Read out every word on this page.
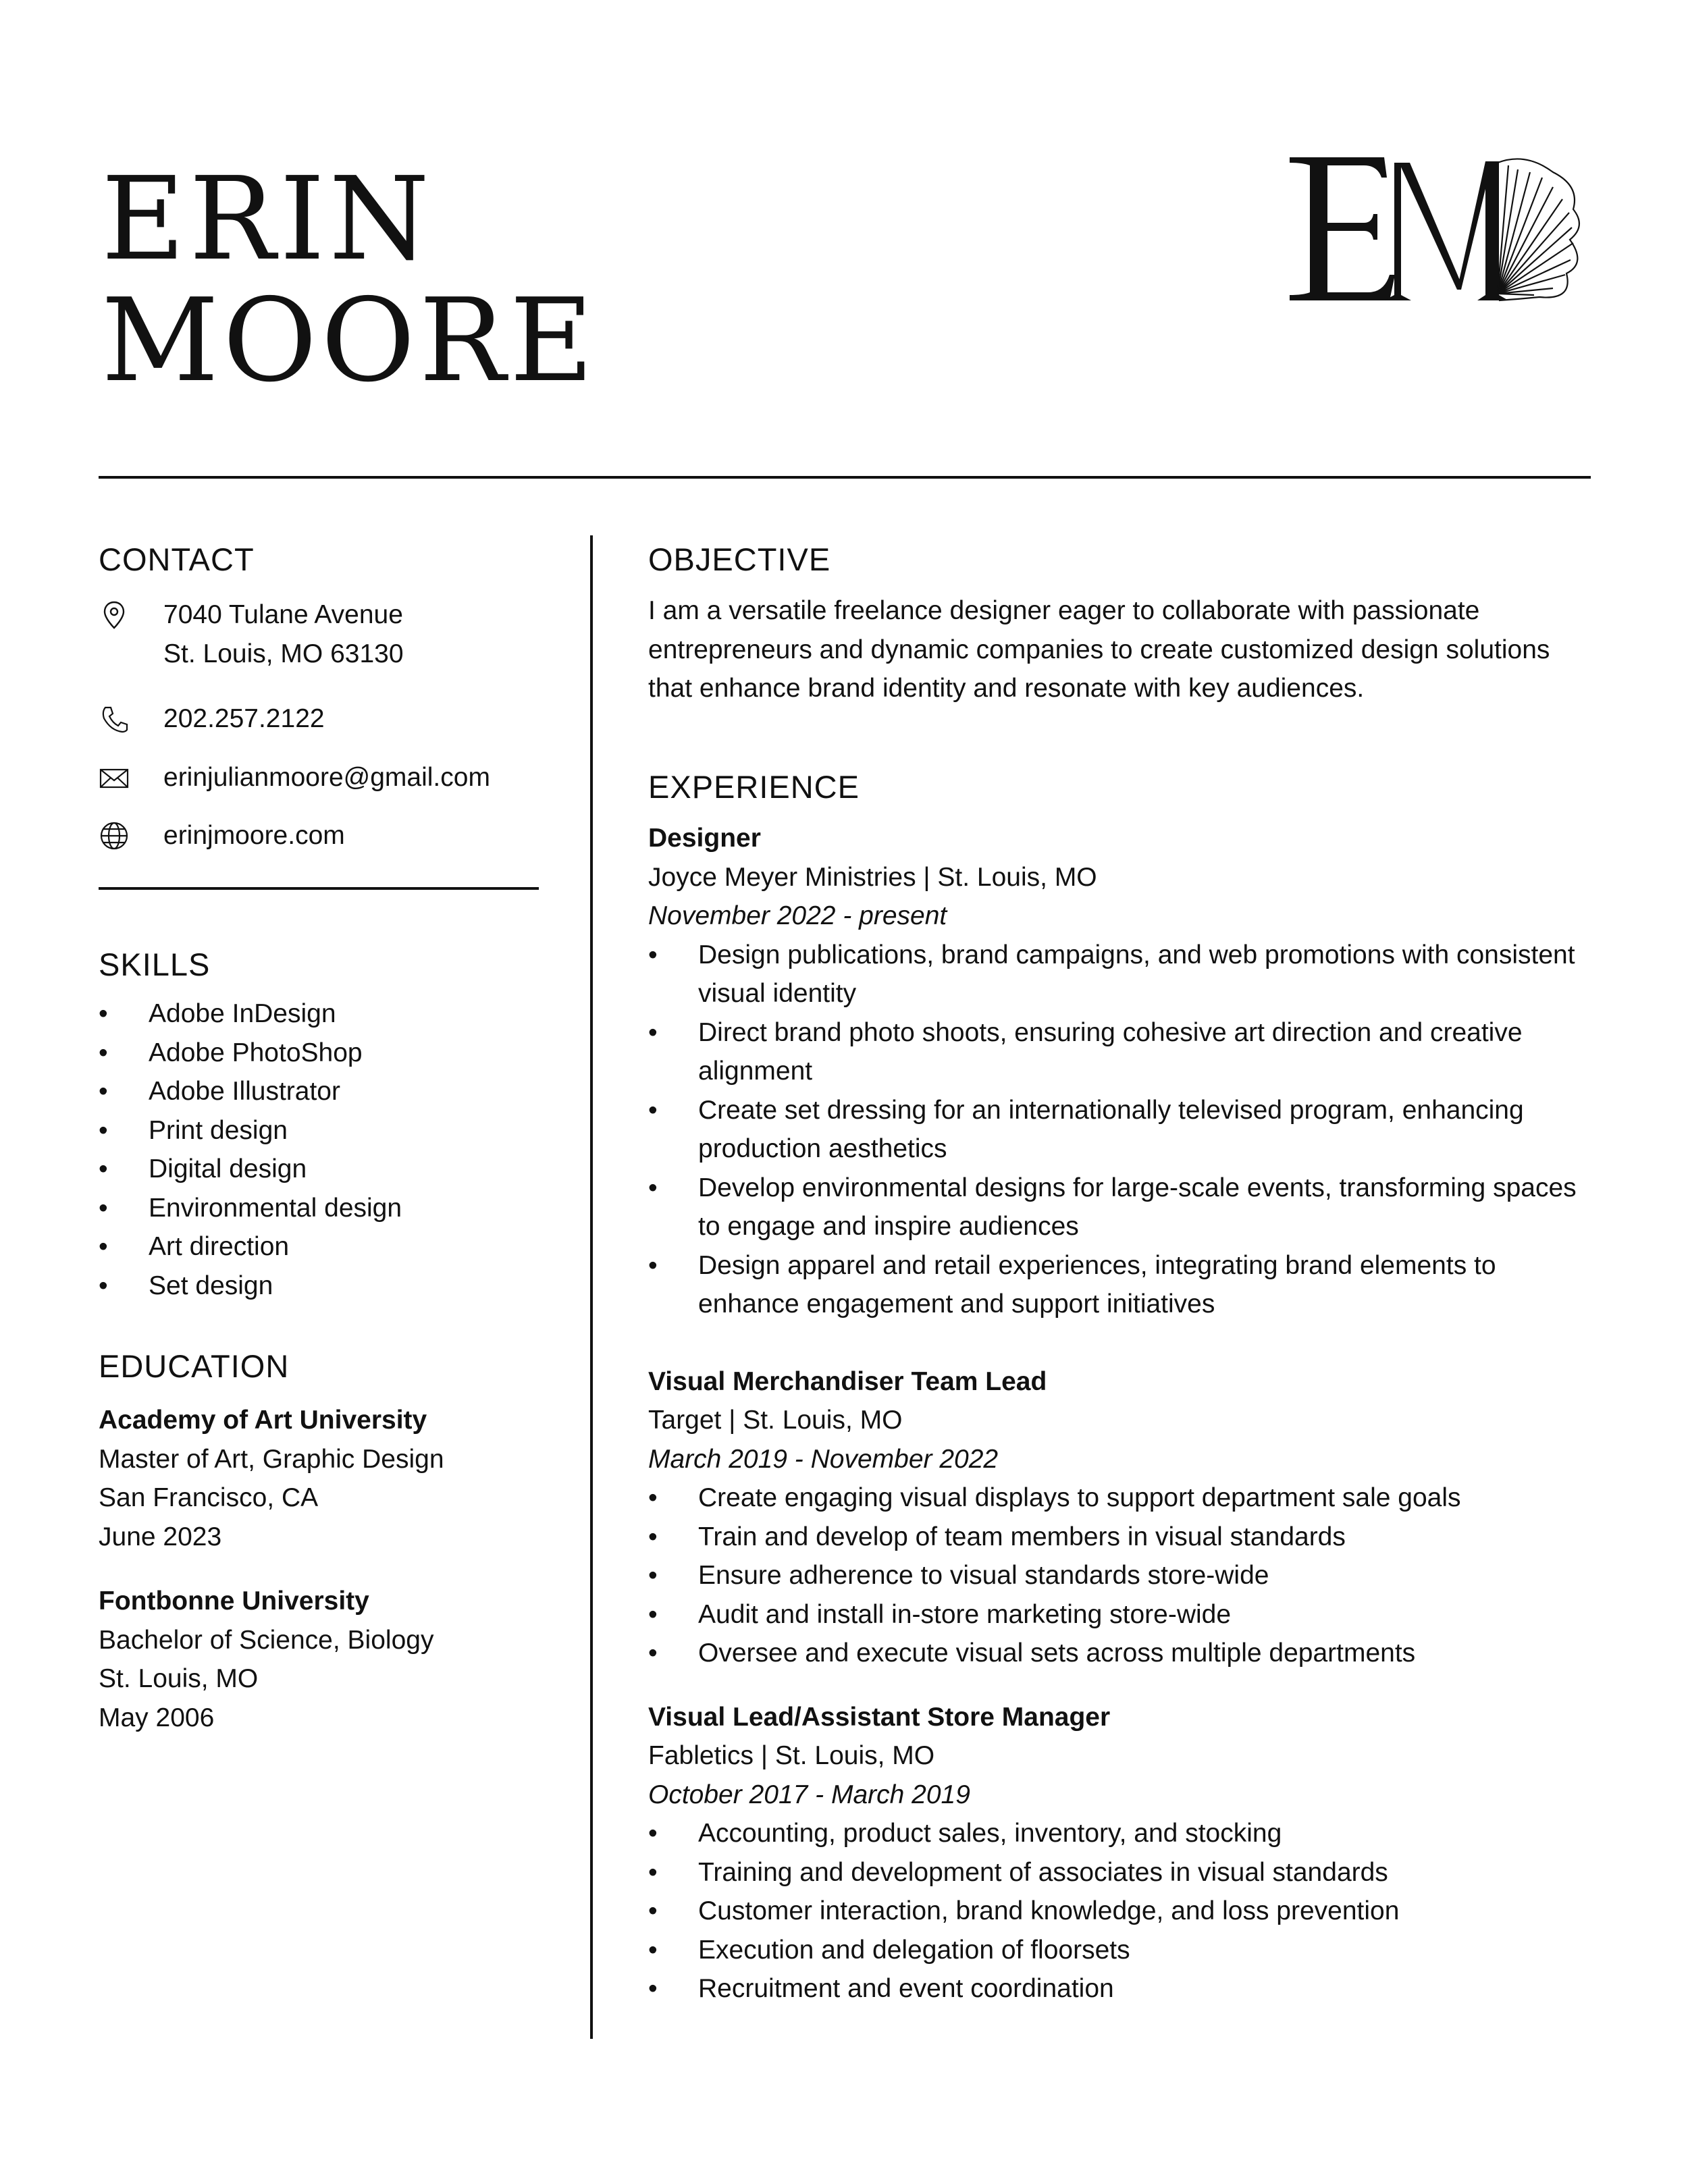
ERIN
MOORE
CONTACT
7040 Tulane Avenue
St. Louis, MO 63130
202.257.2122
erinjulianmoore@gmail.com
erinjmoore.com
SKILLS
• Adobe InDesign
• Adobe PhotoShop
• Adobe Illustrator
• Print design
• Digital design
• Environmental design
• Art direction
• Set design
EDUCATION
Academy of Art University
Master of Art, Graphic Design
San Francisco, CA
June 2023
Fontbonne University
Bachelor of Science, Biology
St. Louis, MO
May 2006
OBJECTIVE
I am a versatile freelance designer eager to collaborate with passionate entrepreneurs and dynamic companies to create customized design solutions that enhance brand identity and resonate with key audiences.
EXPERIENCE
Designer
Joyce Meyer Ministries | St. Louis, MO
November 2022 - present
• Design publications, brand campaigns, and web promotions with consistent visual identity
• Direct brand photo shoots, ensuring cohesive art direction and creative alignment
• Create set dressing for an internationally televised program, enhancing production aesthetics
• Develop environmental designs for large-scale events, transforming spaces to engage and inspire audiences
• Design apparel and retail experiences, integrating brand elements to enhance engagement and support initiatives
Visual Merchandiser Team Lead
Target | St. Louis, MO
March 2019 - November 2022
• Create engaging visual displays to support department sale goals
• Train and develop of team members in visual standards
• Ensure adherence to visual standards store-wide
• Audit and install in-store marketing store-wide
• Oversee and execute visual sets across multiple departments
Visual Lead/Assistant Store Manager
Fabletics | St. Louis, MO
October 2017 - March 2019
• Accounting, product sales, inventory, and stocking
• Training and development of associates in visual standards
• Customer interaction, brand knowledge, and loss prevention
• Execution and delegation of floorsets
• Recruitment and event coordination
